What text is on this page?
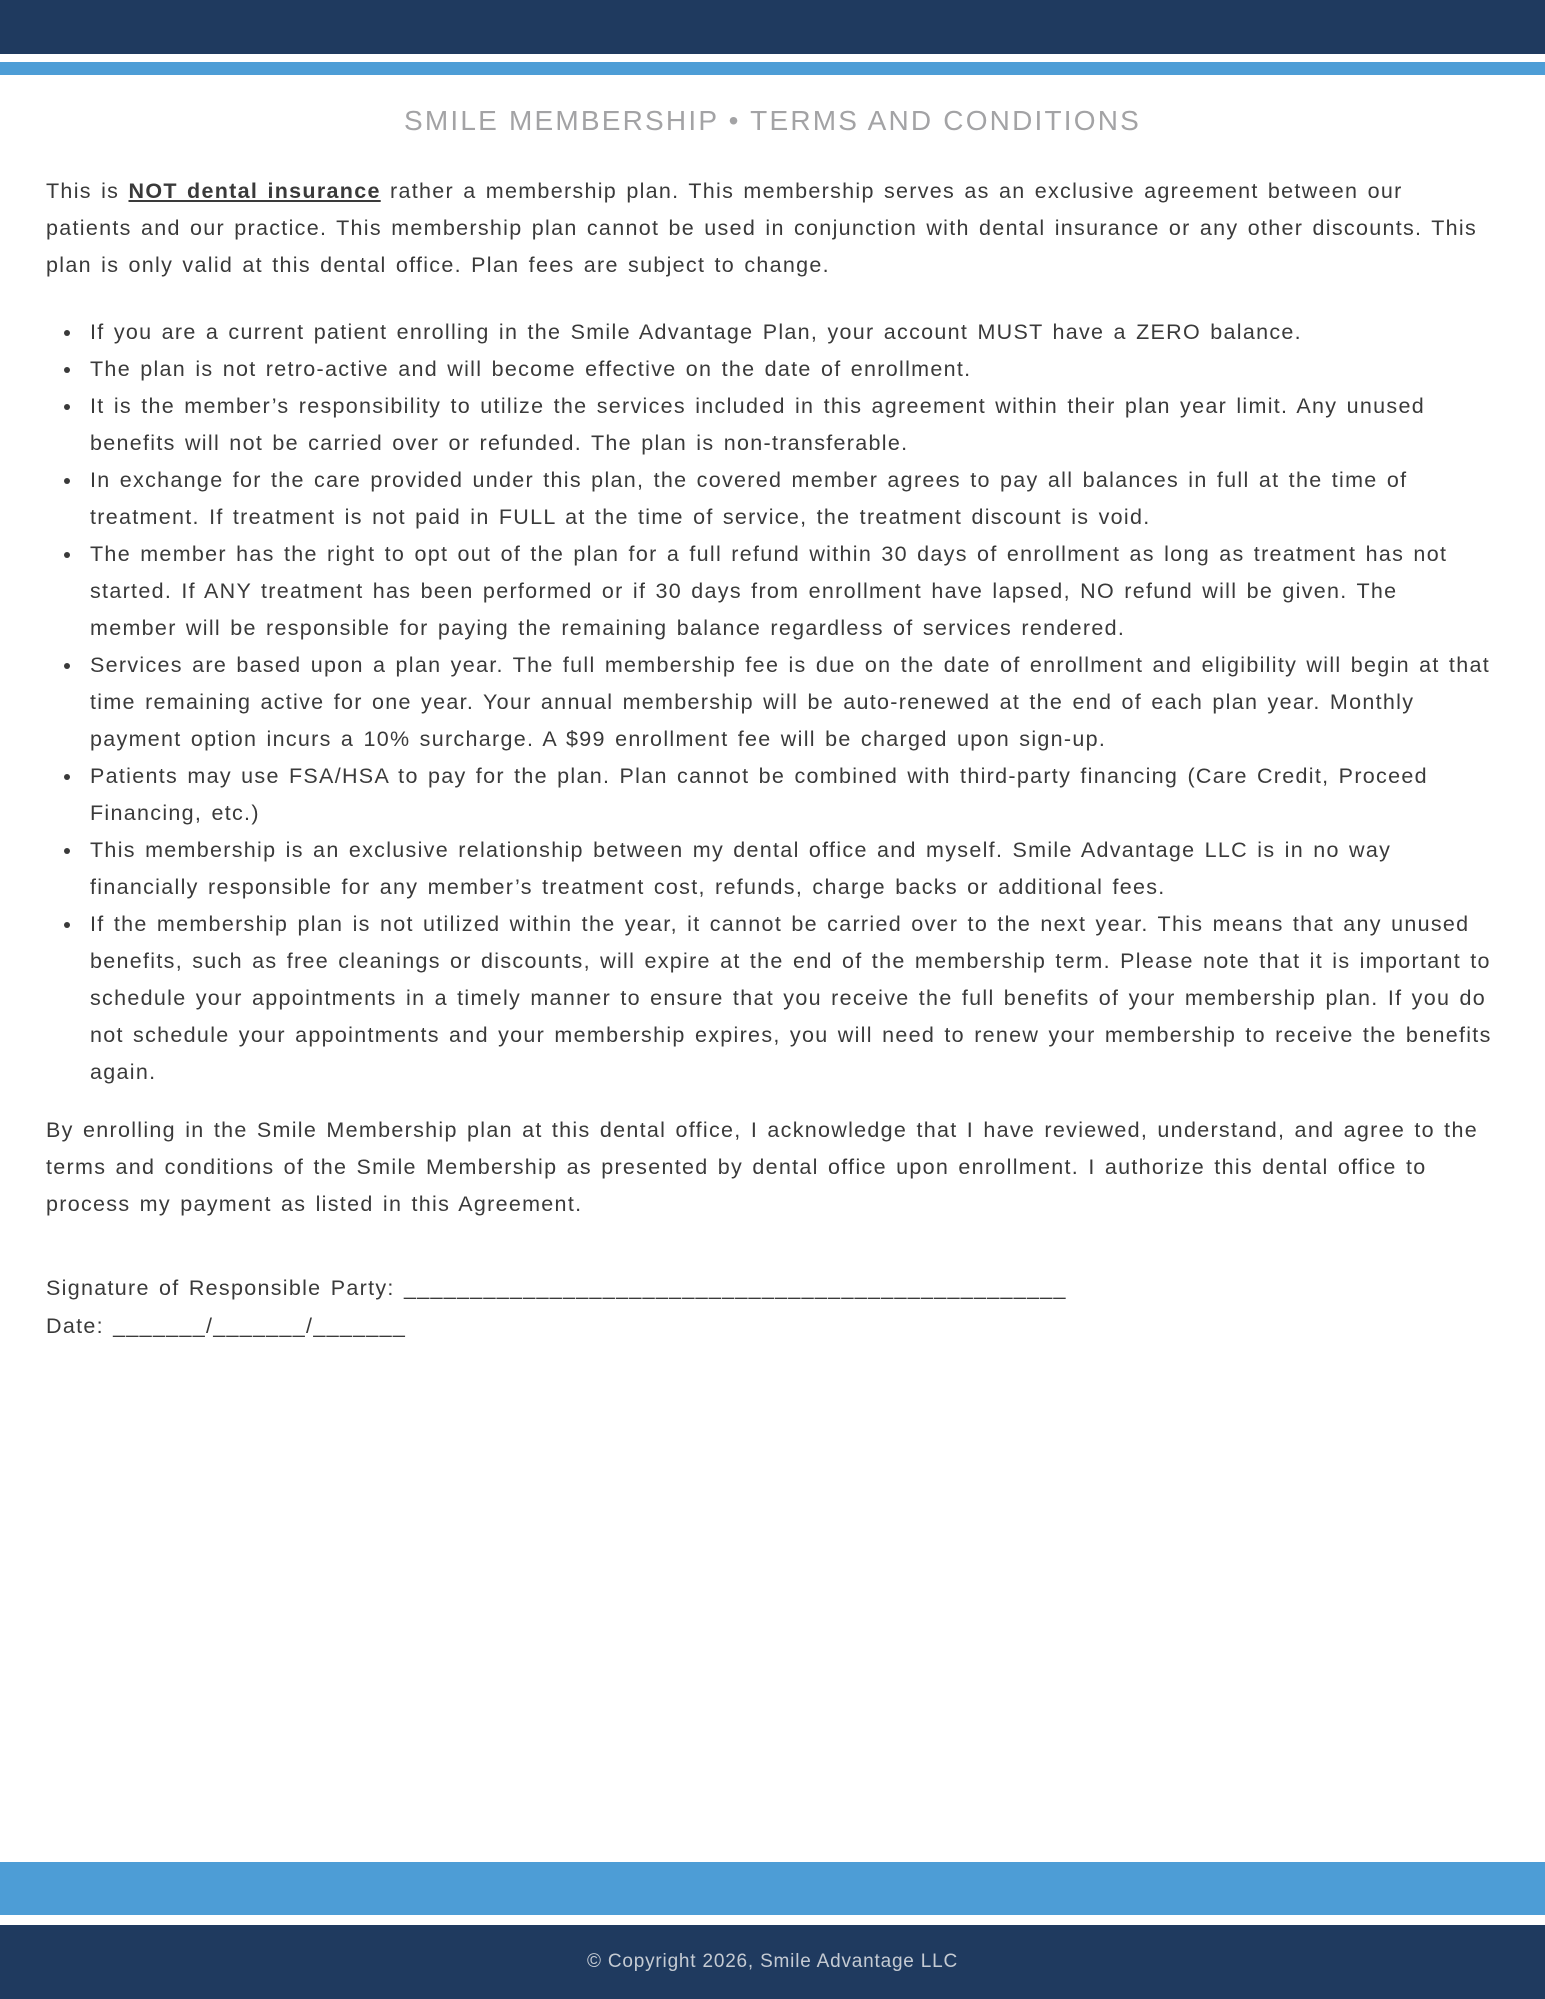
SMILE MEMBERSHIP • TERMS AND CONDITIONS

This is NOT dental insurance rather a membership plan. This membership serves as an exclusive agreement between our patients and our practice. This membership plan cannot be used in conjunction with dental insurance or any other discounts. This plan is only valid at this dental office. Plan fees are subject to change.

If you are a current patient enrolling in the Smile Advantage Plan, your account MUST have a ZERO balance.
The plan is not retro-active and will become effective on the date of enrollment.
It is the member’s responsibility to utilize the services included in this agreement within their plan year limit. Any unused benefits will not be carried over or refunded. The plan is non-transferable.
In exchange for the care provided under this plan, the covered member agrees to pay all balances in full at the time of treatment. If treatment is not paid in FULL at the time of service, the treatment discount is void.
The member has the right to opt out of the plan for a full refund within 30 days of enrollment as long as treatment has not started. If ANY treatment has been performed or if 30 days from enrollment have lapsed, NO refund will be given. The member will be responsible for paying the remaining balance regardless of services rendered.
Services are based upon a plan year. The full membership fee is due on the date of enrollment and eligibility will begin at that time remaining active for one year. Your annual membership will be auto-renewed at the end of each plan year. Monthly payment option incurs a 10% surcharge. A $99 enrollment fee will be charged upon sign-up.
Patients may use FSA/HSA to pay for the plan. Plan cannot be combined with third-party financing (Care Credit, Proceed Financing, etc.)
This membership is an exclusive relationship between my dental office and myself. Smile Advantage LLC is in no way financially responsible for any member’s treatment cost, refunds, charge backs or additional fees.
If the membership plan is not utilized within the year, it cannot be carried over to the next year. This means that any unused benefits, such as free cleanings or discounts, will expire at the end of the membership term. Please note that it is important to schedule your appointments in a timely manner to ensure that you receive the full benefits of your membership plan. If you do not schedule your appointments and your membership expires, you will need to renew your membership to receive the benefits again.

By enrolling in the Smile Membership plan at this dental office, I acknowledge that I have reviewed, understand, and agree to the terms and conditions of the Smile Membership as presented by dental office upon enrollment. I authorize this dental office to process my payment as listed in this Agreement.

Signature of Responsible Party: __________________________________________________

Date: _______/_______/_______

© Copyright 2026, Smile Advantage LLC
